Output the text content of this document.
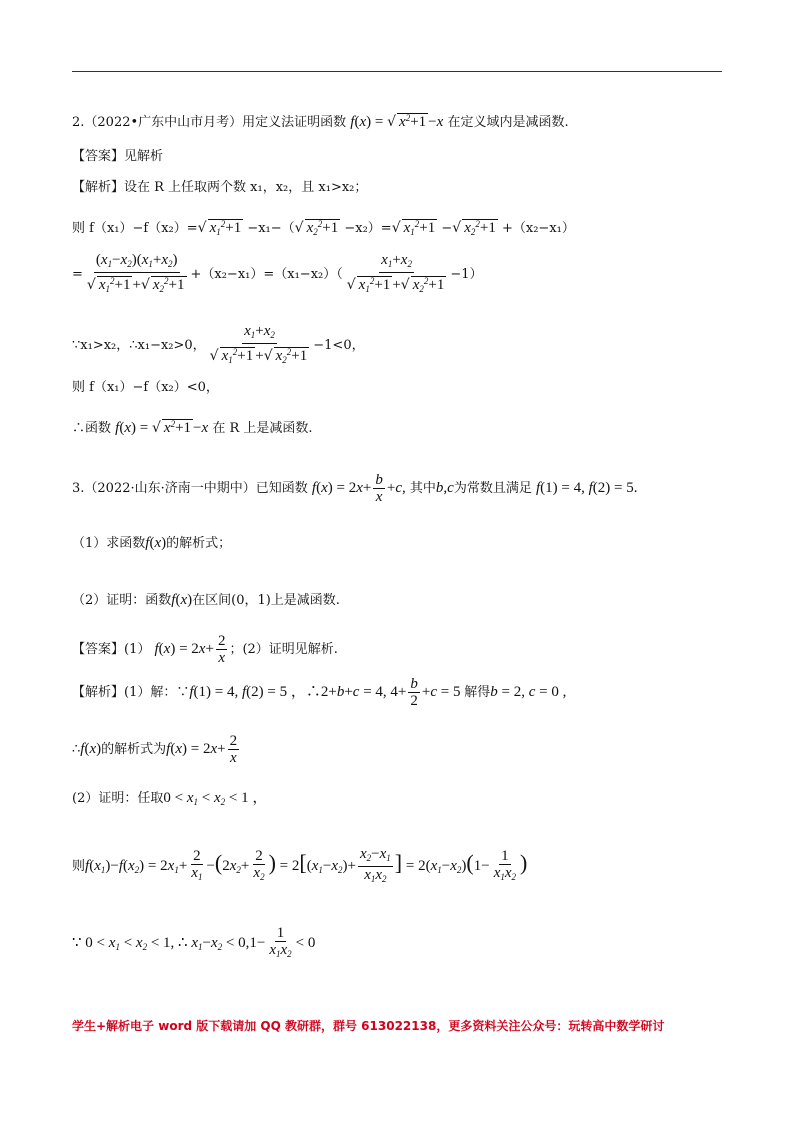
2.（2022•广东中山市月考）用定义法证明函数 f(x) = √ $x^2+1 -x$ 在定义域内是减函数.
【答案】见解析
【解析】设在 R 上任取两个数 x₁，x₂，且 x₁>x₂；
则 f（x₁）−f（x₂）=√ $x_1^2+1 -x_1-(√$ $x_2^2+1 -x_2)=√$ $x_1^2+1$ −√ $x_2^2+1 +(x_2-x_1)$
= $\frac{(x_1-x_2)(x_1+x_2)}{√ x_1^2+1 +√ x_2^2+1} +(x_2-x_1)=(x_1-x_2)( \frac{x_1+x_2}{√ x_1^2+1 +√ x_2^2+1} -1)$
∵x₁>x₂，∴x₁−x₂>0， $\frac{x_1+x_2}{√ x_1^2+1 +√ x_2^2+1} -1<0$，
则 f（x₁）−f（x₂）<0，
∴函数 f(x) = √ $x^2+1 -x$ 在 R 上是减函数.
3.（2022·山东·济南一中期中）已知函数 $f(x) = 2x+ \frac{b}{x} +c$, 其中b,c为常数且满足 f(1) = 4, f(2) = 5.
（1）求函数f(x)的解析式；
（2）证明：函数f(x)在区间(0，1)上是减函数.
【答案】(1） $f(x) = 2x+ \frac{2}{x}$ ；(2）证明见解析.
【解析】(1）解：∵f(1) = 4, f(2) = 5 ，∴2+b+c = 4, $4+ \frac{b}{2} +c = 5$ 解得b = 2, c = 0 ,
∴f(x)的解析式为$f(x) = 2x+ \frac{2}{x}$
(2）证明：任取$0 < x_1 < x_2 < 1$ ，
则$f(x_1)-f(x_2) = 2x_1+ \frac{2}{x_1} -(2x_2+ \frac{2}{x_2}$ ) = $2[(x_1-x_2)+ \frac{x_2-x_1}{x_1x_2}$ ] = $2(x_1-x_2)(1- \frac{1}{x_1x_2}$ )
∵ $0 < x_1 < x_2 < 1$, ∴ $x_1-x_2 < 0,1- \frac{1}{x_1x_2} < 0$
学生+解析电子 word 版下载请加 QQ 教研群，群号 613022138，更多资料关注公众号：玩转高中数学研讨
